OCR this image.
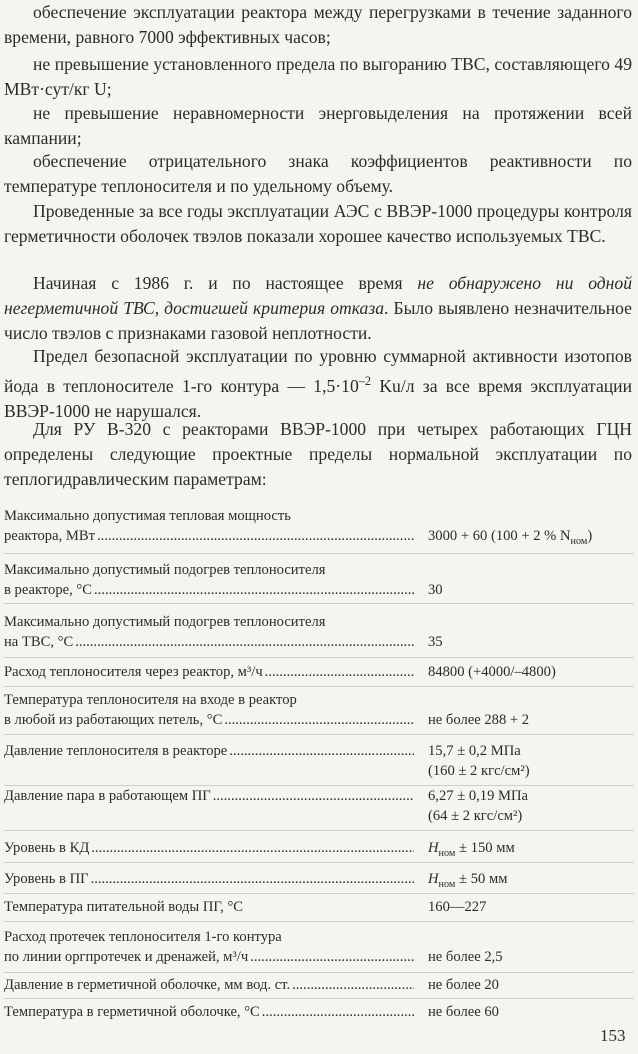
обеспечение эксплуатации реактора между перегрузками в течение заданного времени, равного 7000 эффективных часов;

не превышение установленного предела по выгоранию ТВС, составляющего 49 МВт·сут/кг U;

не превышение неравномерности энерговыделения на протяжении всей кампании;

обеспечение отрицательного знака коэффициентов реактивности по температуре теплоносителя и по удельному объему.

Проведенные за все годы эксплуатации АЭС с ВВЭР-1000 процедуры контроля герметичности оболочек твэлов показали хорошее качество используемых ТВС.

Начиная с 1986 г. и по настоящее время не обнаружено ни одной негерметичной ТВС, достигшей критерия отказа. Было выявлено незначительное число твэлов с признаками газовой неплотности.

Предел безопасной эксплуатации по уровню суммарной активности изотопов йода в теплоносителе 1-го контура — $1,5\cdot 10^{-2}$ Ku/л за все время эксплуатации ВВЭР-1000 не нарушался.

Для РУ В-320 с реакторами ВВЭР-1000 при четырех работающих ГЦН определены следующие проектные пределы нормальной эксплуатации по теплогидравлическим параметрам:

Максимально допустимая тепловая мощность
реактора, МВт .....	3000 + 60 (100 + 2 % $N_{ном}$)
Максимально допустимый подогрев теплоносителя
в реакторе, °С .....	30
Максимально допустимый подогрев теплоносителя
на ТВС, °С .....	35
Расход теплоносителя через реактор, м³/ч .....	84800 (+4000/–4800)
Температура теплоносителя на входе в реактор
в любой из работающих петель, °С .....	не более 288 + 2
Давление теплоносителя в реакторе .....	15,7 ± 0,2 МПа
(160 ± 2 кгс/см²)
Давление пара в работающем ПГ .....	6,27 ± 0,19 МПа
(64 ± 2 кгс/см²)
Уровень в КД .....	$H_{ном} \pm 150$ мм
Уровень в ПГ .....	$H_{ном} \pm 50$ мм
Температура питательной воды ПГ, °С	160—227
Расход протечек теплоносителя 1-го контура
по линии оргпротечек и дренажей, м³/ч .....	не более 2,5
Давление в герметичной оболочке, мм вод. ст. .....	не более 20
Температура в герметичной оболочке, °С .....	не более 60
153
